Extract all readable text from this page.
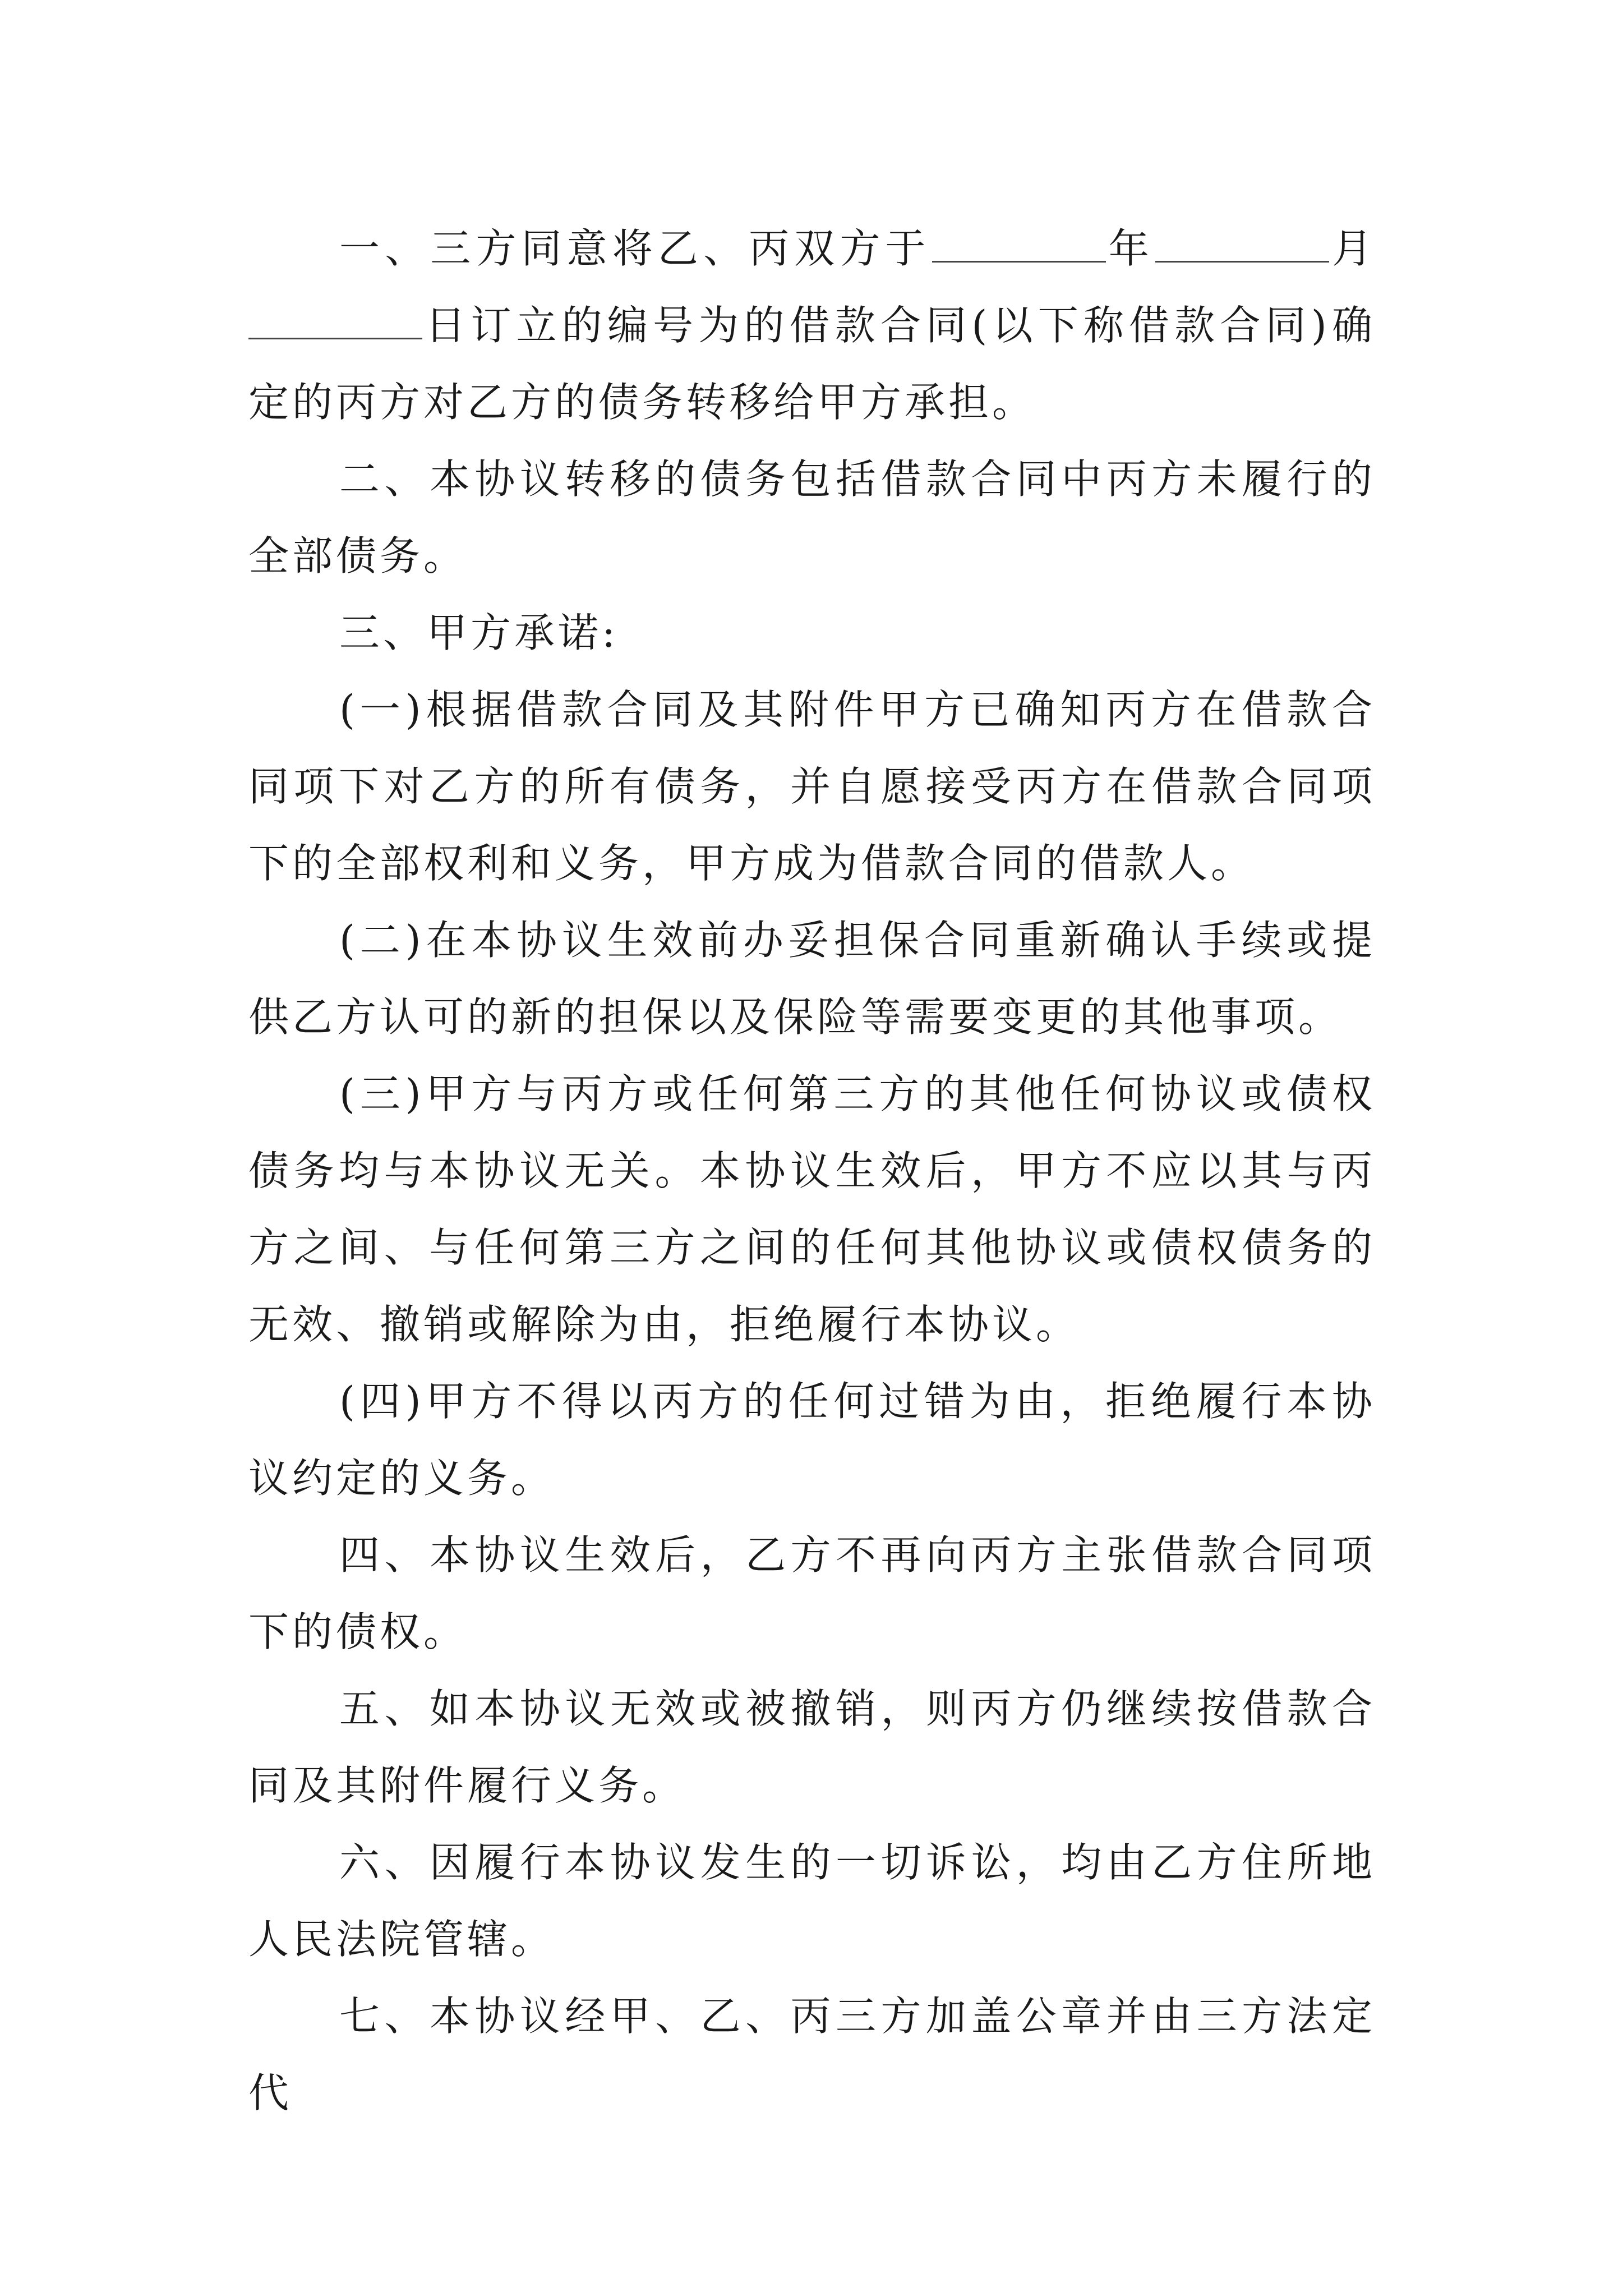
一、三方同意将乙、丙双方于	年	月日订立的编号为的借款合同(以下称借款合同)确定的丙方对乙方的债务转移给甲方承担。

二、本协议转移的债务包括借款合同中丙方未履行的全部债务。

三、甲方承诺:

(一)根据借款合同及其附件甲方已确知丙方在借款合同项下对乙方的所有债务，并自愿接受丙方在借款合同项下的全部权利和义务，甲方成为借款合同的借款人。

(二)在本协议生效前办妥担保合同重新确认手续或提供乙方认可的新的担保以及保险等需要变更的其他事项。

(三)甲方与丙方或任何第三方的其他任何协议或债权债务均与本协议无关。本协议生效后，甲方不应以其与丙方之间、与任何第三方之间的任何其他协议或债权债务的无效、撤销或解除为由，拒绝履行本协议。

(四)甲方不得以丙方的任何过错为由，拒绝履行本协议约定的义务。

四、本协议生效后，乙方不再向丙方主张借款合同项下的债权。

五、如本协议无效或被撤销，则丙方仍继续按借款合同及其附件履行义务。

六、因履行本协议发生的一切诉讼，均由乙方住所地人民法院管辖。

七、本协议经甲、乙、丙三方加盖公章并由三方法定代
